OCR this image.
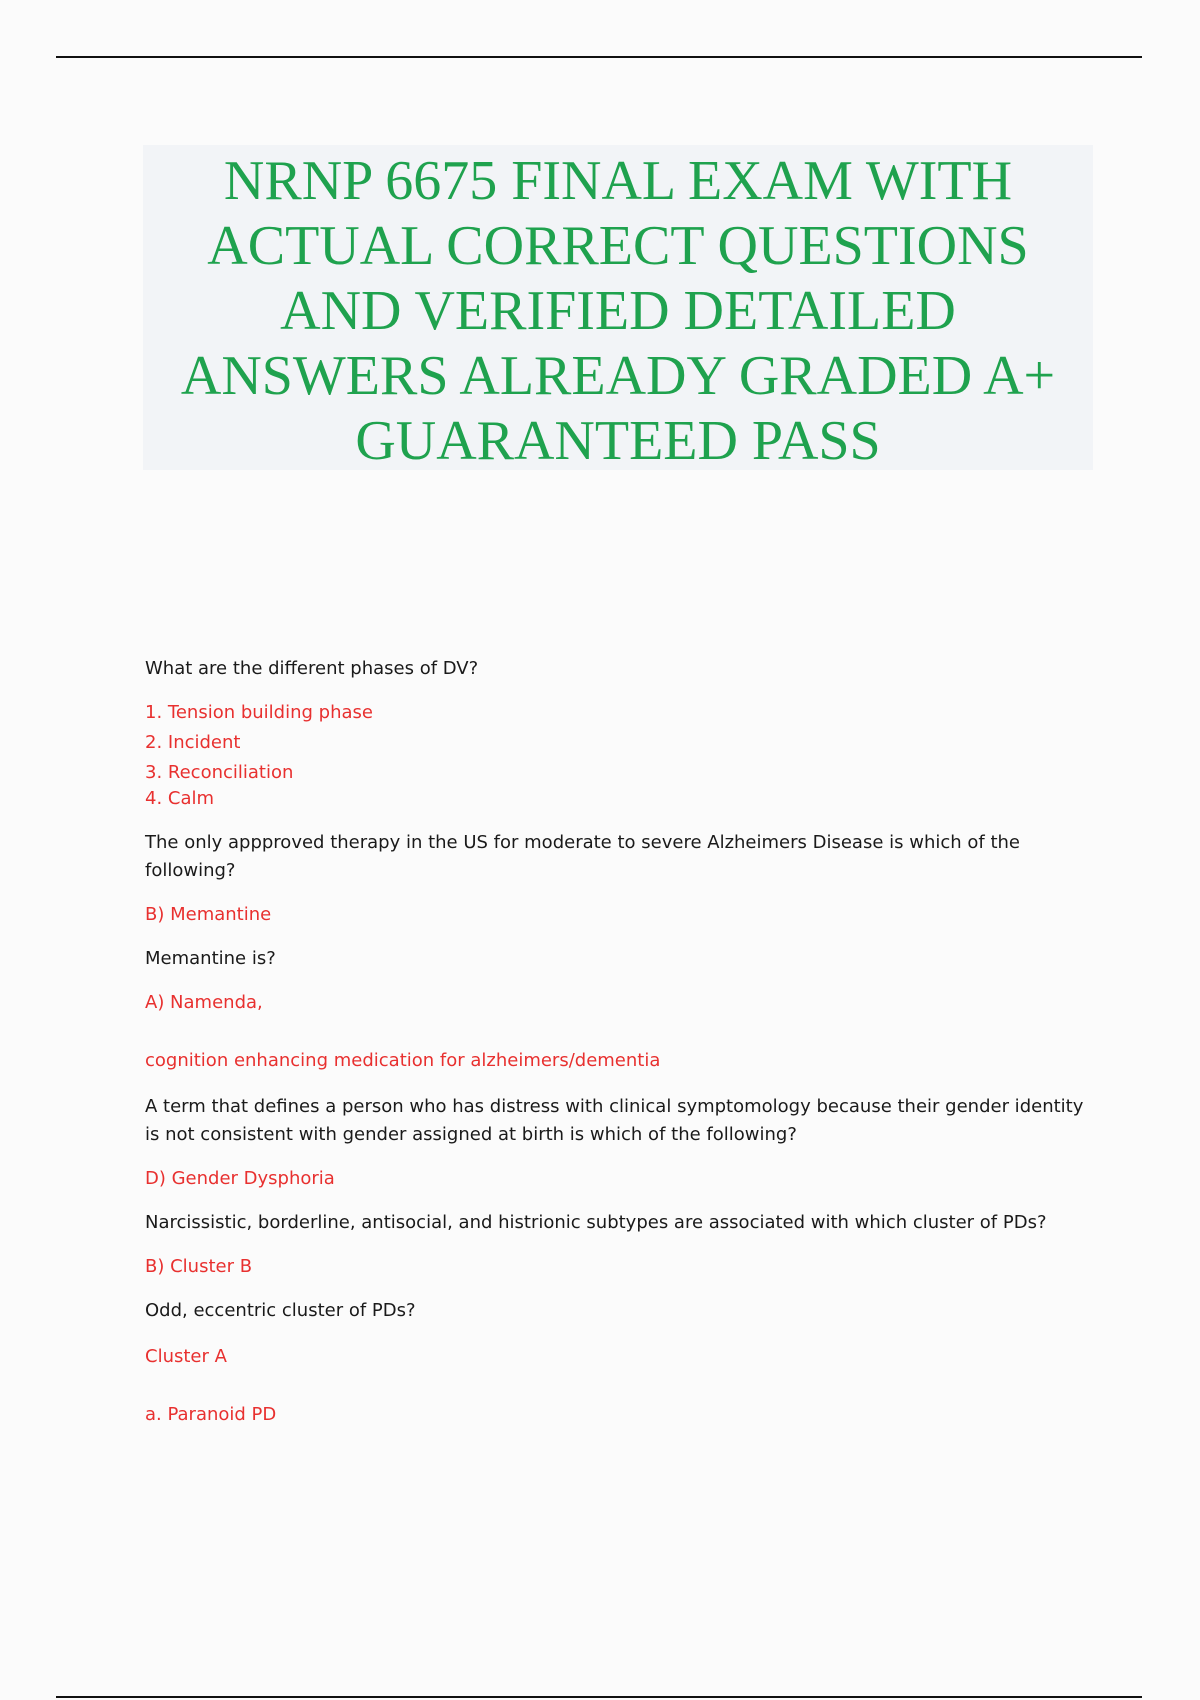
NRNP 6675 FINAL EXAM WITH
ACTUAL CORRECT QUESTIONS
AND VERIFIED DETAILED
ANSWERS ALREADY GRADED A+
GUARANTEED PASS
What are the different phases of DV?
1. Tension building phase
2. Incident
3. Reconciliation
4. Calm
The only appproved therapy in the US for moderate to severe Alzheimers Disease is which of the
following?
B) Memantine
Memantine is?
A) Namenda,
cognition enhancing medication for alzheimers/dementia
A term that defines a person who has distress with clinical symptomology because their gender identity
is not consistent with gender assigned at birth is which of the following?
D) Gender Dysphoria
Narcissistic, borderline, antisocial, and histrionic subtypes are associated with which cluster of PDs?
B) Cluster B
Odd, eccentric cluster of PDs?
Cluster A
a. Paranoid PD
